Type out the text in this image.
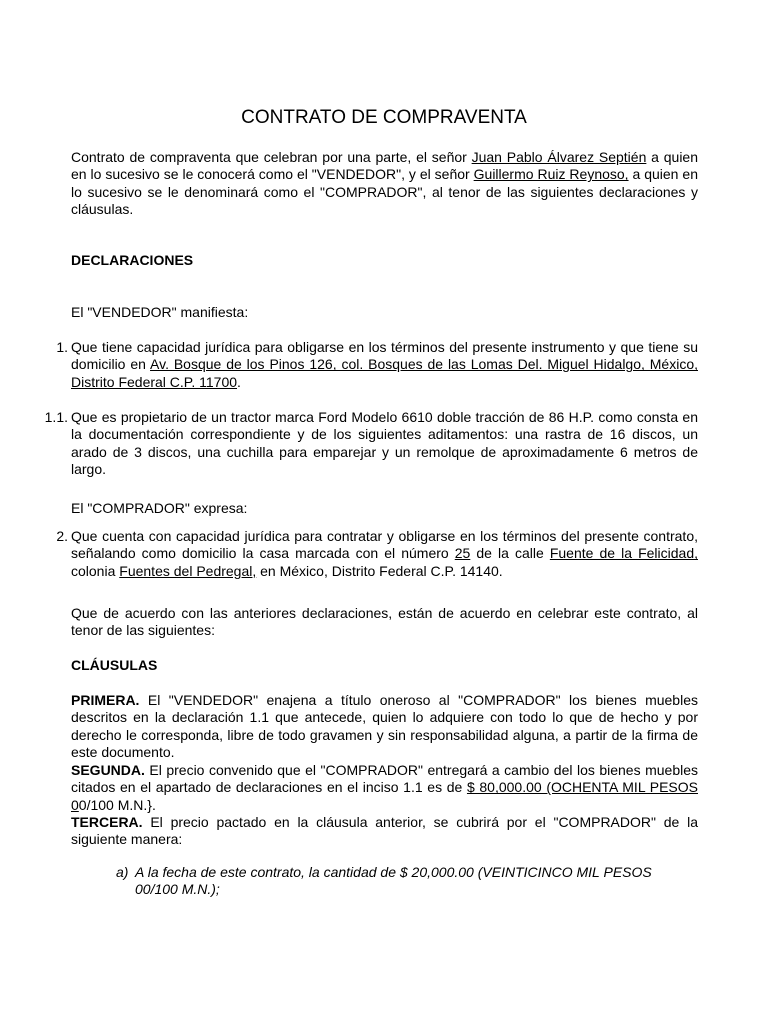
CONTRATO DE COMPRAVENTA

Contrato de compraventa que celebran por una parte, el señor Juan Pablo Álvarez Septién a quien en lo sucesivo se le conocerá como el "VENDEDOR", y el señor Guillermo Ruiz Reynoso, a quien en lo sucesivo se le denominará como el "COMPRADOR", al tenor de las siguientes declaraciones y cláusulas.

DECLARACIONES

El "VENDEDOR" manifiesta:

1. Que tiene capacidad jurídica para obligarse en los términos del presente instrumento y que tiene su domicilio en Av. Bosque de los Pinos 126, col. Bosques de las Lomas Del. Miguel Hidalgo, México, Distrito Federal C.P. 11700.

1.1. Que es propietario de un tractor marca Ford Modelo 6610 doble tracción de 86 H.P. como consta en la documentación correspondiente y de los siguientes aditamentos: una rastra de 16 discos, un arado de 3 discos, una cuchilla para emparejar y un remolque de aproximadamente 6 metros de largo.

El "COMPRADOR" expresa:

2. Que cuenta con capacidad jurídica para contratar y obligarse en los términos del presente contrato, señalando como domicilio la casa marcada con el número 25 de la calle Fuente de la Felicidad, colonia Fuentes del Pedregal, en México, Distrito Federal C.P. 14140.

Que de acuerdo con las anteriores declaraciones, están de acuerdo en celebrar este contrato, al tenor de las siguientes:

CLÁUSULAS

PRIMERA. El "VENDEDOR" enajena a título oneroso al "COMPRADOR" los bienes muebles descritos en la declaración 1.1 que antecede, quien lo adquiere con todo lo que de hecho y por derecho le corresponda, libre de todo gravamen y sin responsabilidad alguna, a partir de la firma de este documento.

SEGUNDA. El precio convenido que el "COMPRADOR" entregará a cambio del los bienes muebles citados en el apartado de declaraciones en el inciso 1.1 es de $ 80,000.00 (OCHENTA MIL PESOS 00/100 M.N.}.

TERCERA. El precio pactado en la cláusula anterior, se cubrirá por el "COMPRADOR" de la siguiente manera:

a) A la fecha de este contrato, la cantidad de $ 20,000.00 (VEINTICINCO MIL PESOS 00/100 M.N.);
